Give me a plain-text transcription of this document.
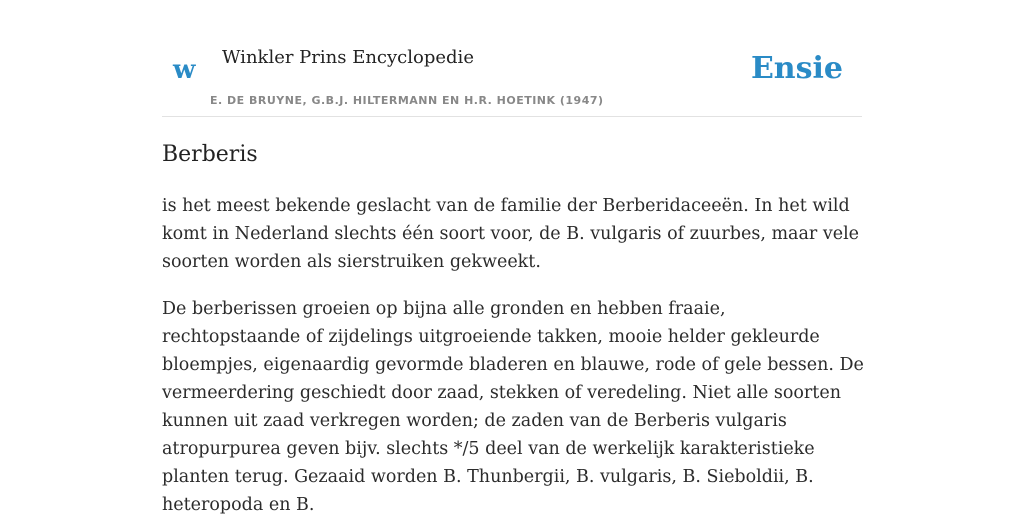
w Winkler Prins Encyclopedie
E. DE BRUYNE, G.B.J. HILTERMANN EN H.R. HOETINK (1947)
Ensie
Berberis

is het meest bekende geslacht van de familie der Berberidaceeën. In het wild komt in Nederland slechts één soort voor, de B. vulgaris of zuurbes, maar vele soorten worden als sierstruiken gekweekt.

De berberissen groeien op bijna alle gronden en hebben fraaie, rechtopstaande of zijdelings uitgroeiende takken, mooie helder gekleurde bloempjes, eigenaardig gevormde bladeren en blauwe, rode of gele bessen. De vermeerdering geschiedt door zaad, stekken of veredeling. Niet alle soorten kunnen uit zaad verkregen worden; de zaden van de Berberis vulgaris atropurpurea geven bijv. slechts */5 deel van de werkelijk karakteristieke planten terug. Gezaaid worden B. Thunbergii, B. vulgaris, B. Sieboldii, B. heteropoda en B.
